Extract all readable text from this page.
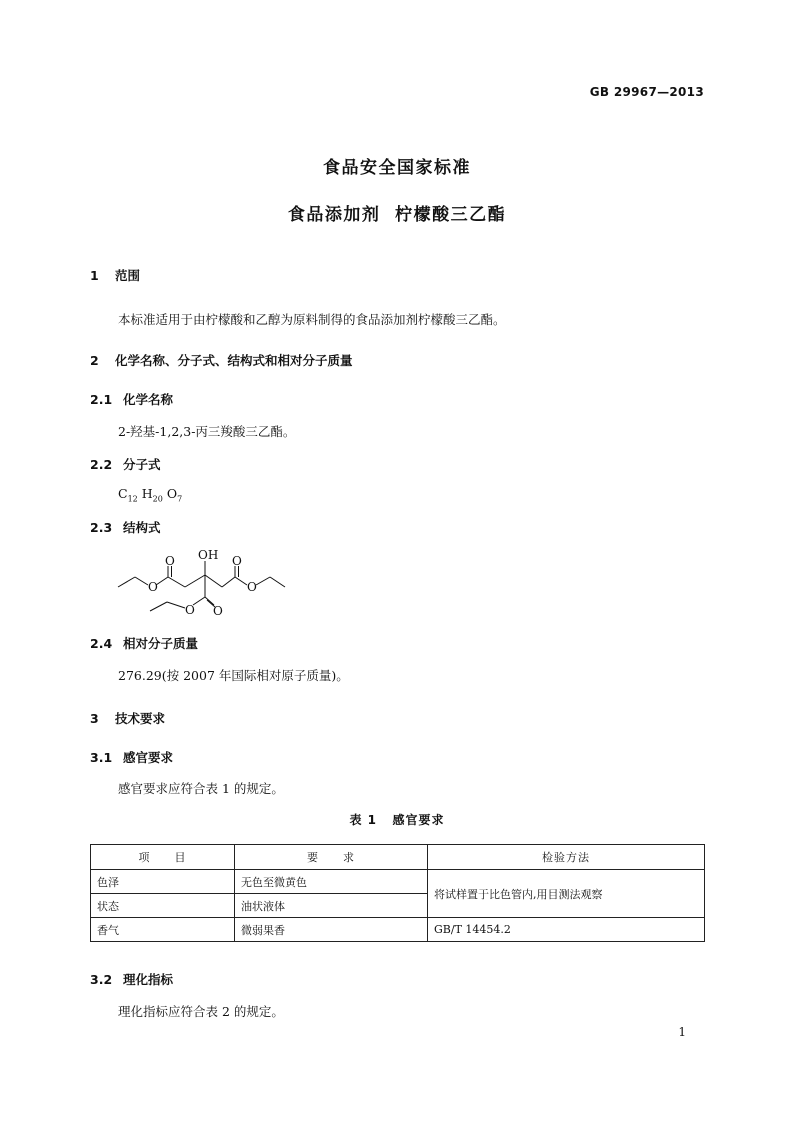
GB 29967—2013
食品安全国家标准
食品添加剂  柠檬酸三乙酯
1 范围
本标准适用于由柠檬酸和乙醇为原料制得的食品添加剂柠檬酸三乙酯。
2 化学名称、分子式、结构式和相对分子质量
2.1 化学名称
2-羟基-1,2,3-丙三羧酸三乙酯。
2.2 分子式
$C_{12}$ $H_{20}$ $O_7$
2.3 结构式
OH
O
O
O
O
O O
2.4 相对分子质量
276.29(按 2007 年国际相对原子质量)。
3 技术要求
3.1 感官要求
感官要求应符合表 1 的规定。
表 1   感官要求
项　　目	要　　求	检验方法
色泽	无色至微黄色	将试样置于比色管内,用目测法观察
状态	油状液体	
香气	微弱果香	GB/T 14454.2
3.2 理化指标
理化指标应符合表 2 的规定。
1
